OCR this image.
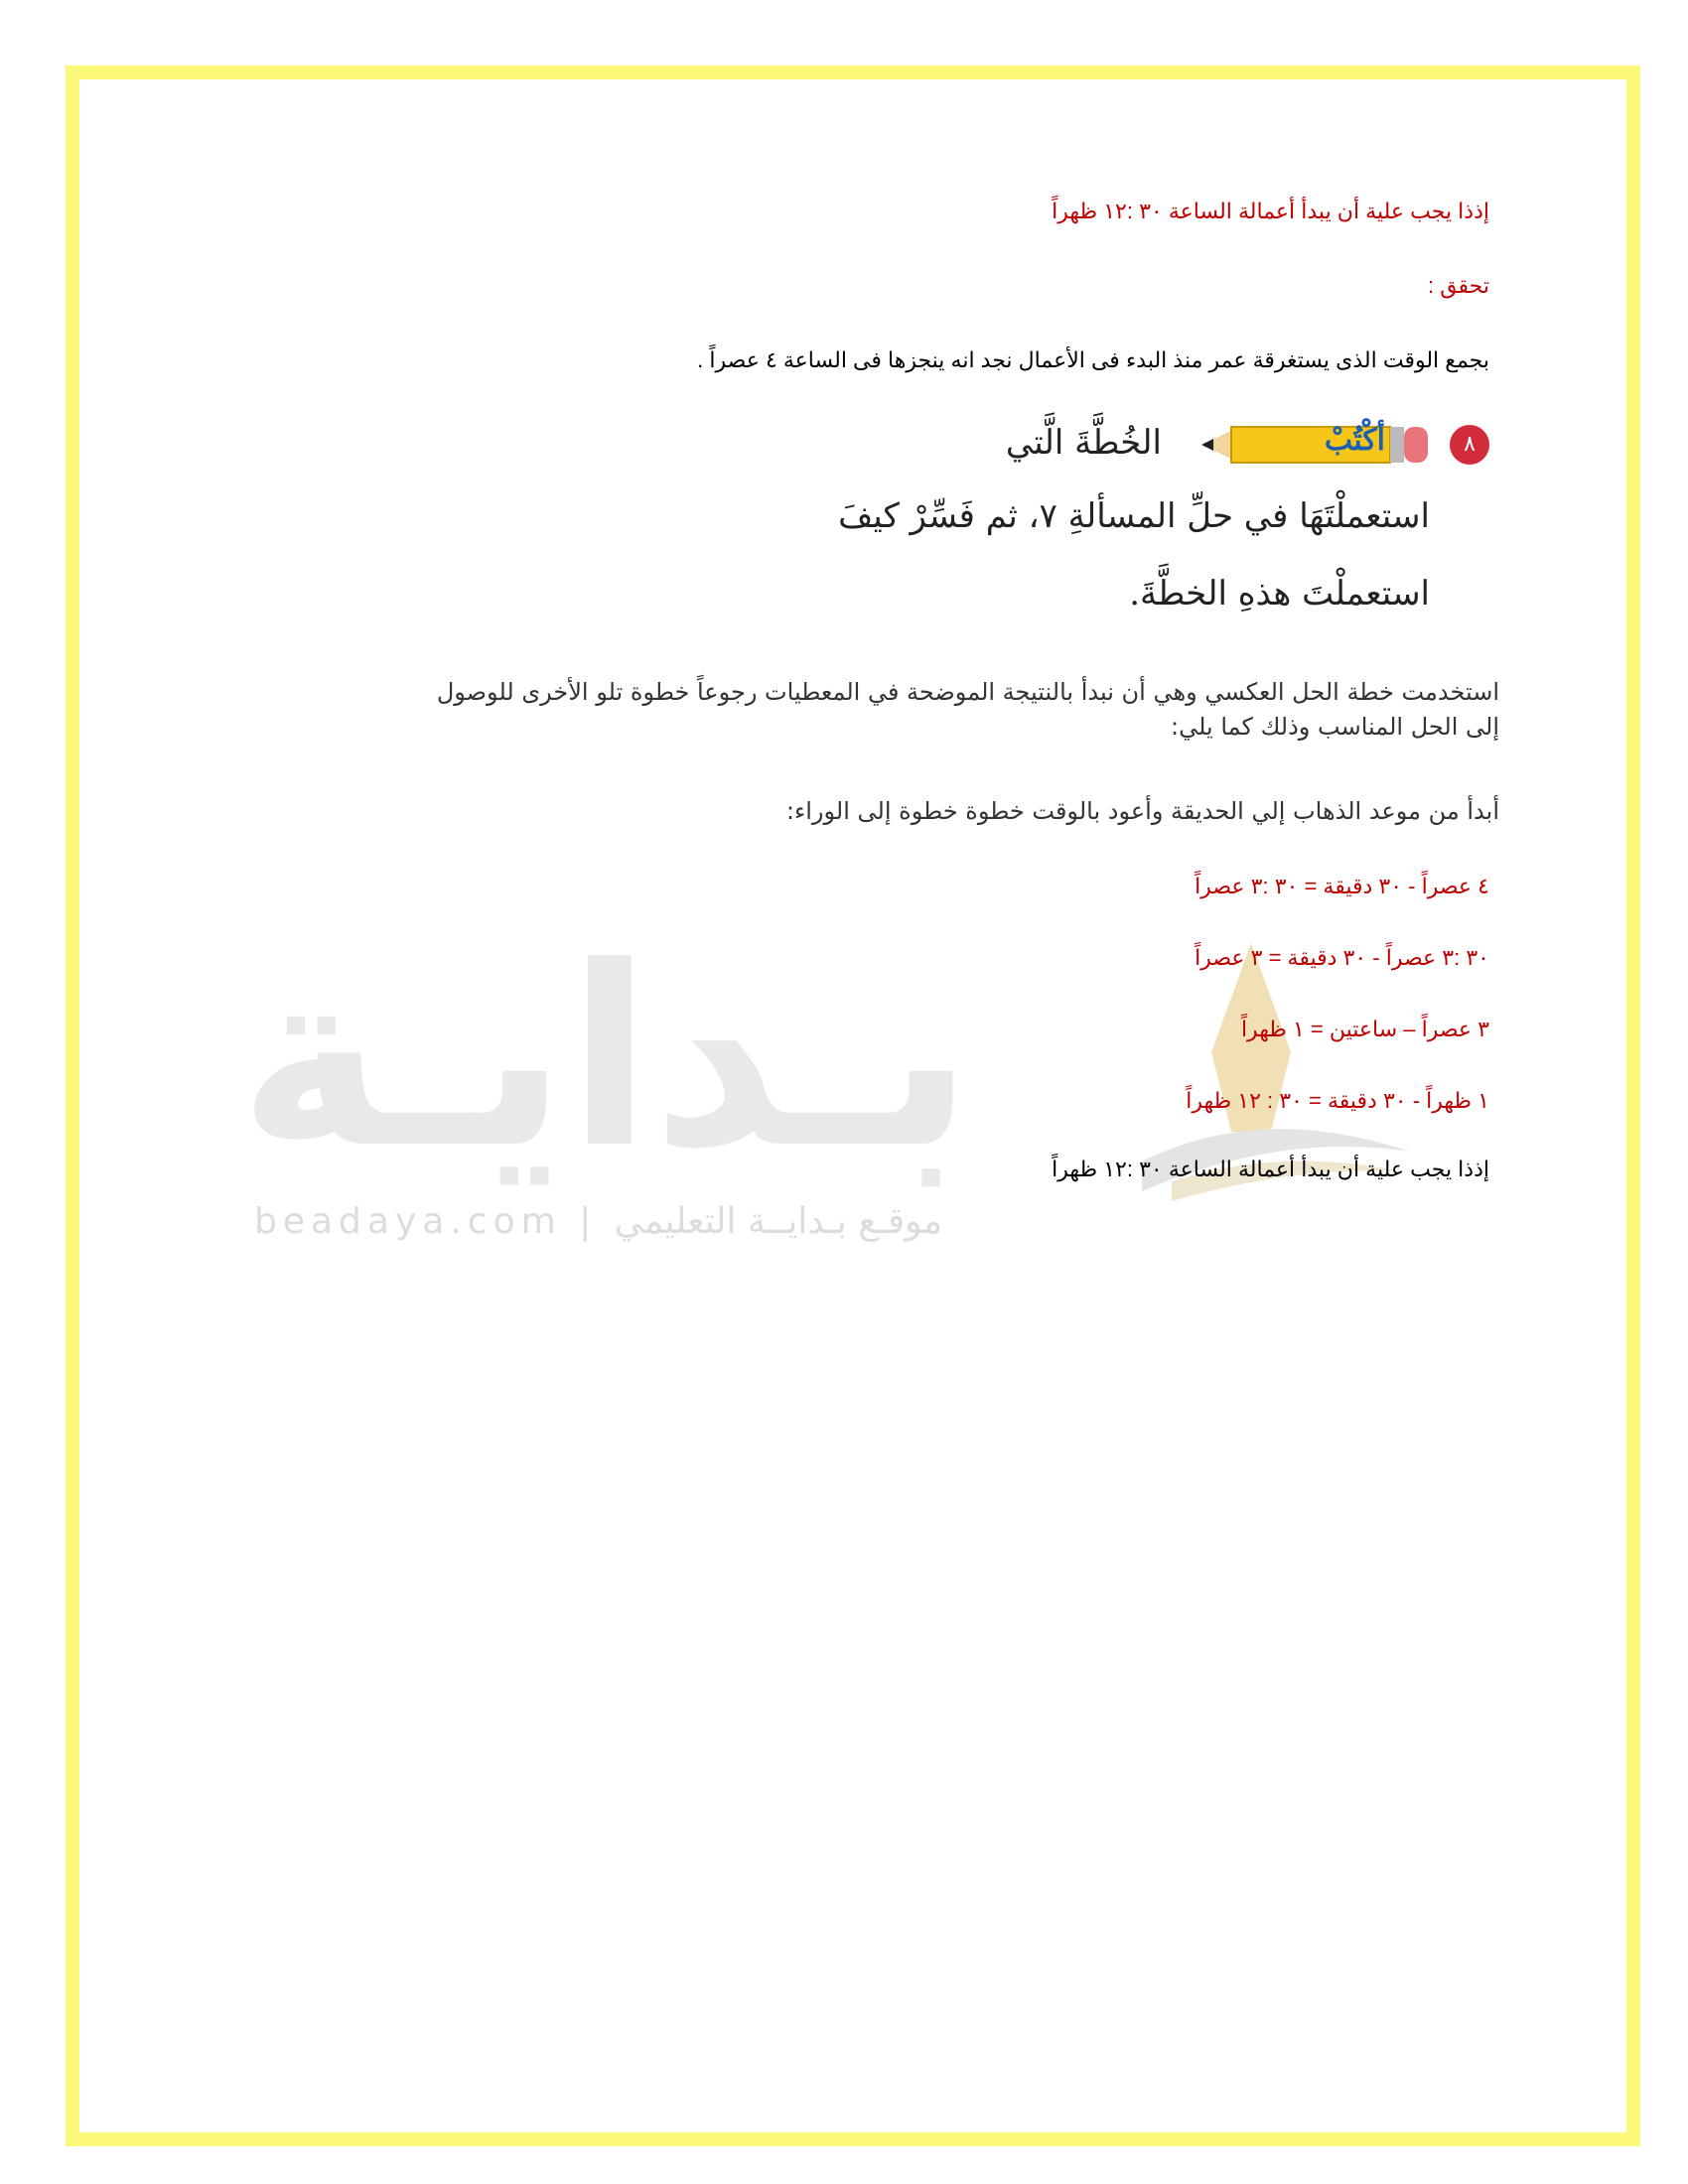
بـدايـة
beadaya.com | موقـع بـدايــة التعليمي
إذذا يجب علية أن يبدأ أعمالة الساعة ٣٠ :١٢ ظهراً
تحقق :
بجمع الوقت الذى يستغرقة عمر منذ البدء فى الأعمال نجد انه ينجزها فى الساعة ٤ عصراً .
٨
أكْتُبْ
الخُطَّةَ الَّتي
استعملْتَهَا في حلِّ المسألةِ ٧، ثم فَسِّرْ كيفَ
استعملْتَ هذهِ الخطَّةَ.
استخدمت خطة الحل العكسي وهي أن نبدأ بالنتيجة الموضحة في المعطيات رجوعاً خطوة تلو الأخرى للوصول
إلى الحل المناسب وذلك كما يلي:
أبدأ من موعد الذهاب إلي الحديقة وأعود بالوقت خطوة خطوة إلى الوراء:
٤ عصراً - ٣٠ دقيقة = ٣٠ :٣ عصراً
٣٠ :٣ عصراً - ٣٠ دقيقة = ٣ عصراً
٣ عصراً – ساعتين = ١ ظهراً
١ ظهراً - ٣٠ دقيقة = ٣٠ : ١٢ ظهراً
إذذا يجب علية أن يبدأ أعمالة الساعة ٣٠ :١٢ ظهراً
